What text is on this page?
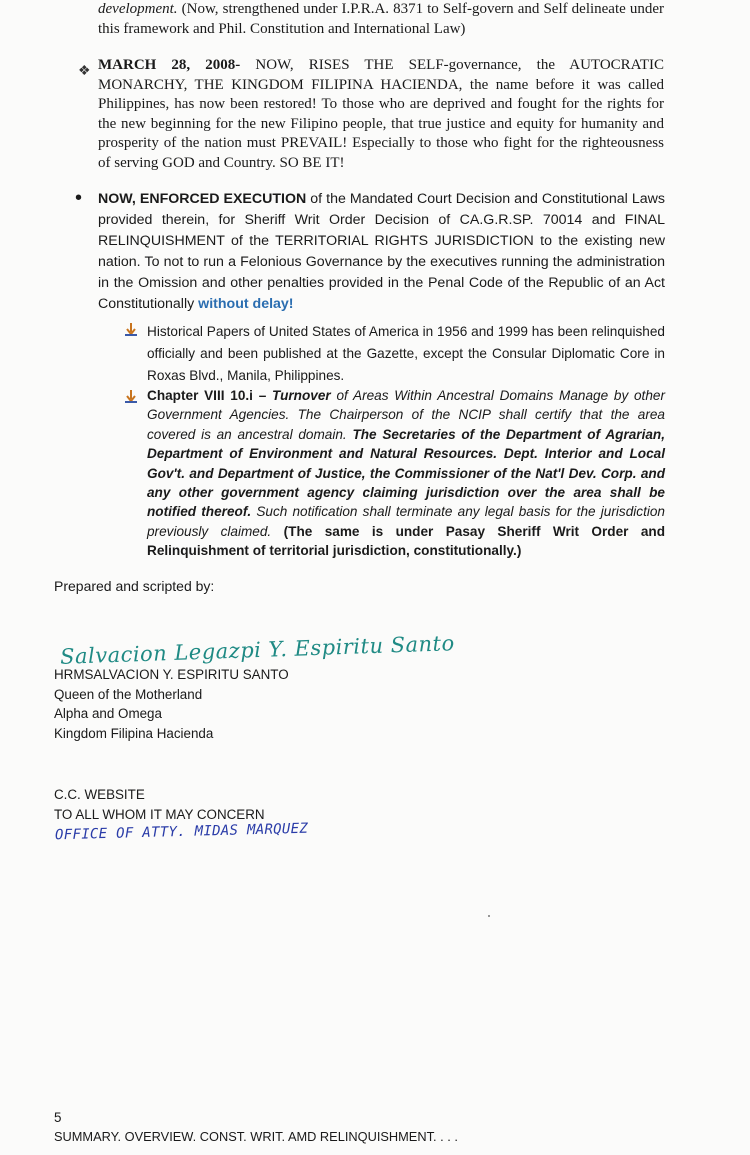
development. (Now, strengthened under I.P.R.A. 8371 to Self-govern and Self delineate under this framework and Phil. Constitution and International Law)
❖ MARCH 28, 2008- NOW, RISES THE SELF-governance, the AUTOCRATIC MONARCHY, THE KINGDOM FILIPINA HACIENDA, the name before it was called Philippines, has now been restored! To those who are deprived and fought for the rights for the new beginning for the new Filipino people, that true justice and equity for humanity and prosperity of the nation must PREVAIL! Especially to those who fight for the righteousness of serving GOD and Country. SO BE IT!
• NOW, ENFORCED EXECUTION of the Mandated Court Decision and Constitutional Laws provided therein, for Sheriff Writ Order Decision of CA.G.R.SP. 70014 and FINAL RELINQUISHMENT of the TERRITORIAL RIGHTS JURISDICTION to the existing new nation. To not to run a Felonious Governance by the executives running the administration in the Omission and other penalties provided in the Penal Code of the Republic of an Act Constitutionally without delay!
Historical Papers of United States of America in 1956 and 1999 has been relinquished officially and been published at the Gazette, except the Consular Diplomatic Core in Roxas Blvd., Manila, Philippines.
Chapter VIII 10.i – Turnover of Areas Within Ancestral Domains Manage by other Government Agencies. The Chairperson of the NCIP shall certify that the area covered is an ancestral domain. The Secretaries of the Department of Agrarian, Department of Environment and Natural Resources. Dept. Interior and Local Gov't. and Department of Justice, the Commissioner of the Nat'l Dev. Corp. and any other government agency claiming jurisdiction over the area shall be notified thereof. Such notification shall terminate any legal basis for the jurisdiction previously claimed. (The same is under Pasay Sheriff Writ Order and Relinquishment of territorial jurisdiction, constitutionally.)
Prepared and scripted by:
Salvacion Legazpi Y. Espiritu Santo
HRMSALVACION Y. ESPIRITU SANTO
Queen of the Motherland
Alpha and Omega
Kingdom Filipina Hacienda
C.C. WEBSITE
TO ALL WHOM IT MAY CONCERN
OFFICE OF ATTY. MIDAS MARQUEZ
5
SUMMARY. OVERVIEW. CONST. WRIT. AMD RELINQUISHMENT. . . .
